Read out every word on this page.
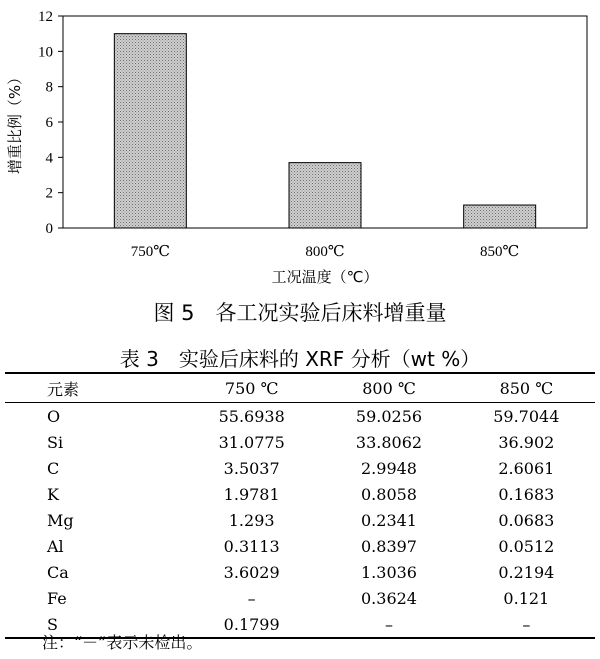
0
2
4
6
8
10
12
750℃	800℃	850℃
增重比例（%）
工况温度（℃）
图 5　各工况实验后床料增重量
表 3　实验后床料的 XRF 分析（wt %）
元素	750 ℃	800 ℃	850 ℃
O	55.6938	59.0256	59.7044
Si	31.0775	33.8062	36.902
C	3.5037	2.9948	2.6061
K	1.9781	0.8058	0.1683
Mg	1.293	0.2341	0.0683
Al	0.3113	0.8397	0.0512
Ca	3.6029	1.3036	0.2194
Fe	–	0.3624	0.121
S	0.1799	–	–
注：“－”表示未检出。
